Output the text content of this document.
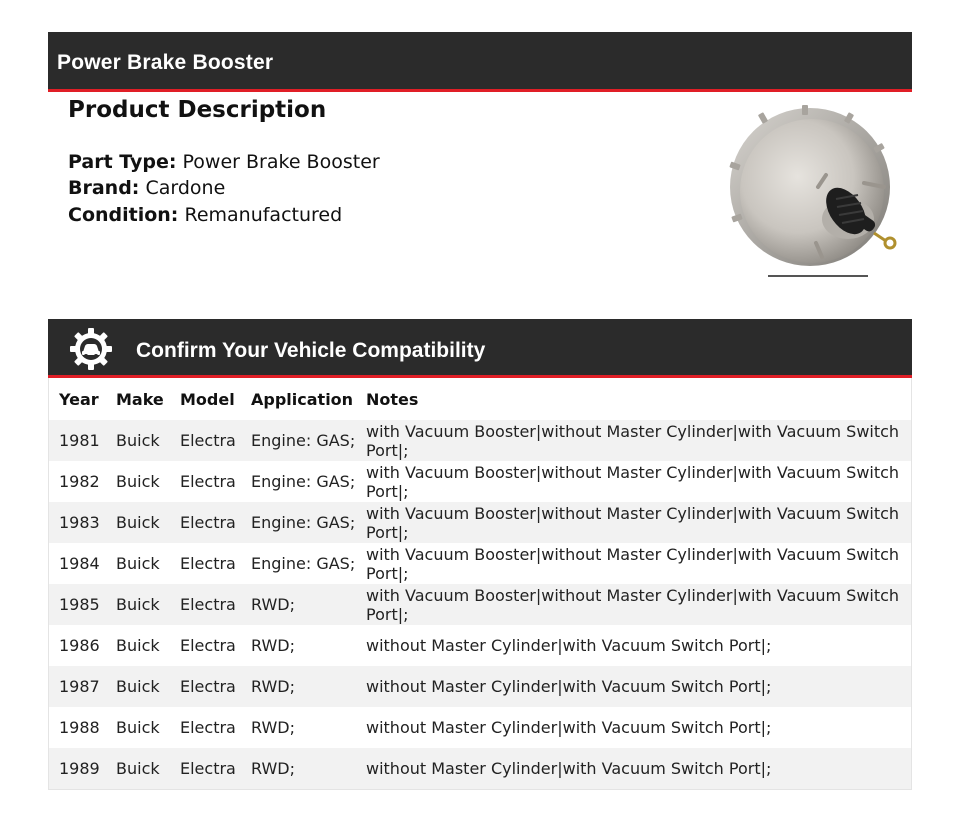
Power Brake Booster
Product Description
Part Type: Power Brake Booster
Brand: Cardone
Condition: Remanufactured
Confirm Your Vehicle Compatibility
Year	Make	Model	Application	Notes
1981	Buick	Electra	Engine: GAS;	with Vacuum Booster|without Master Cylinder|with Vacuum Switch Port|;
1982	Buick	Electra	Engine: GAS;	with Vacuum Booster|without Master Cylinder|with Vacuum Switch Port|;
1983	Buick	Electra	Engine: GAS;	with Vacuum Booster|without Master Cylinder|with Vacuum Switch Port|;
1984	Buick	Electra	Engine: GAS;	with Vacuum Booster|without Master Cylinder|with Vacuum Switch Port|;
1985	Buick	Electra	RWD;	with Vacuum Booster|without Master Cylinder|with Vacuum Switch Port|;
1986	Buick	Electra	RWD;	without Master Cylinder|with Vacuum Switch Port|;
1987	Buick	Electra	RWD;	without Master Cylinder|with Vacuum Switch Port|;
1988	Buick	Electra	RWD;	without Master Cylinder|with Vacuum Switch Port|;
1989	Buick	Electra	RWD;	without Master Cylinder|with Vacuum Switch Port|;
